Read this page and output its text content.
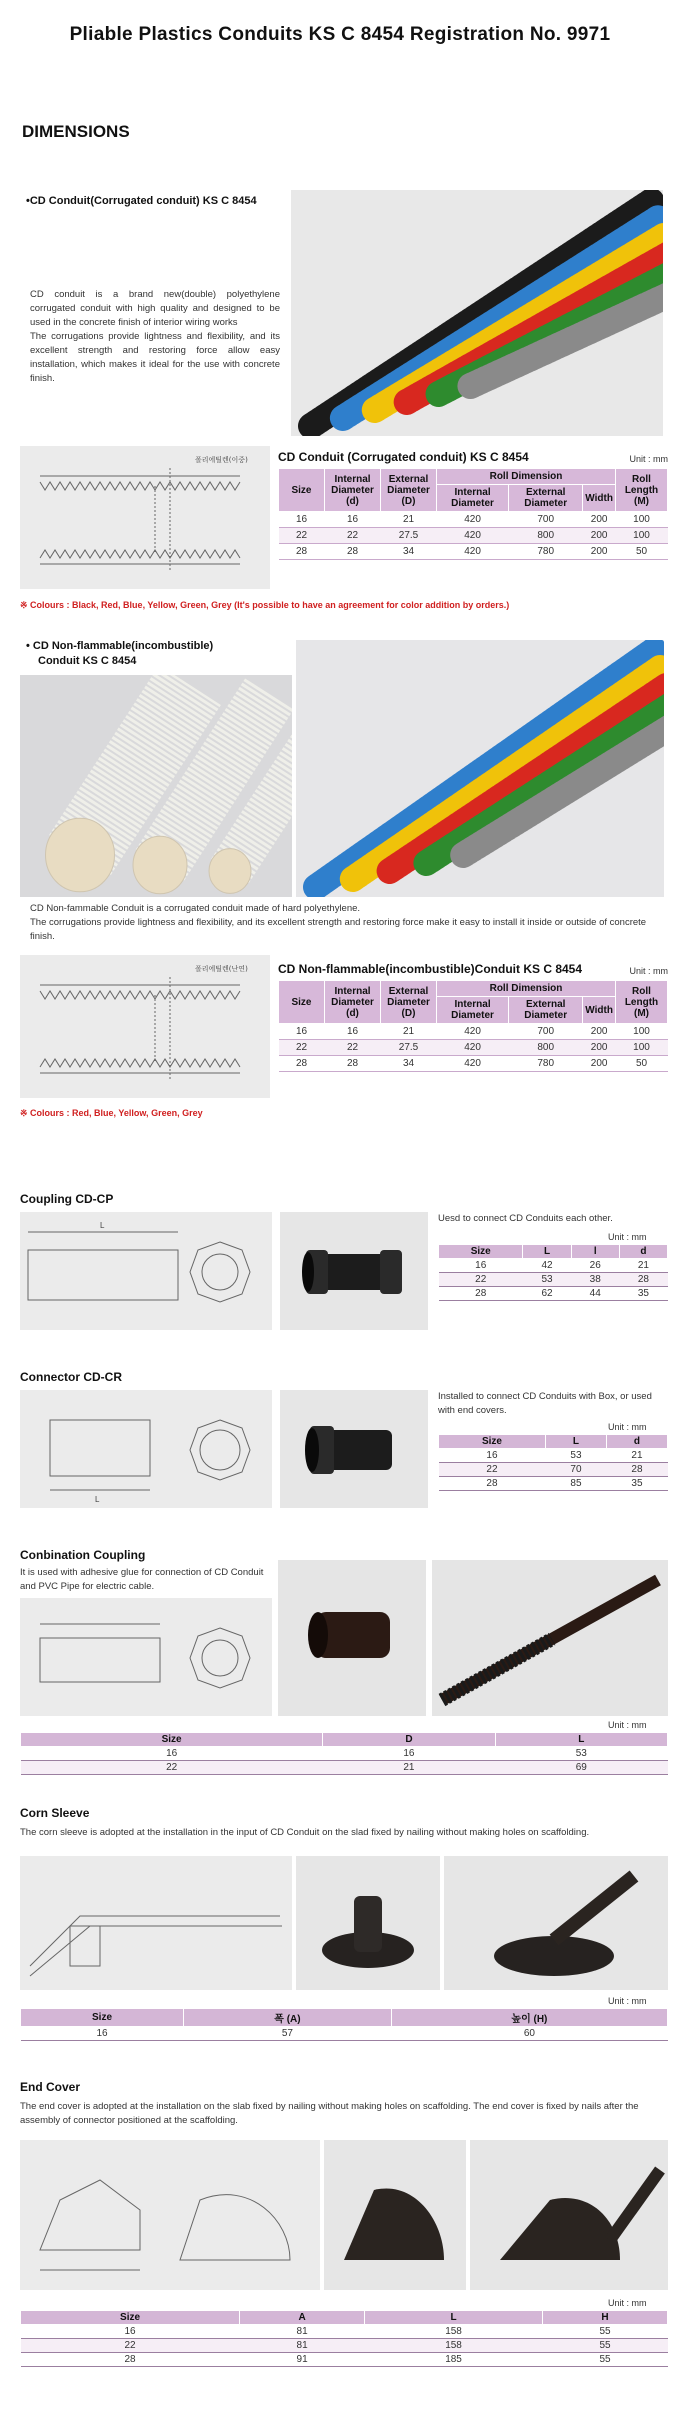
Pliable Plastics Conduits KS C 8454 Registration No. 9971
DIMENSIONS
•CD Conduit(Corrugated conduit) KS C 8454
CD conduit is a brand new(double) polyethylene corrugated conduit with high quality and designed to be used in the concrete finish of interior wiring works
The corrugations provide lightness and flexibility, and its excellent strength and restoring force allow easy installation, which makes it ideal for the use with concrete finish.
폴리에틸렌(이중)	CD Conduit (Corrugated conduit) KS C 8454	Unit : mm
Size	Internal Diameter (d)	External Diameter (D)	Roll Dimension			Roll Length (M)
			Internal Diameter	External Diameter	Width	
16	16	21	420	700	200	100
22	22	27.5	420	800	200	100
28	28	34	420	780	200	50
※ Colours : Black, Red, Blue, Yellow, Green, Grey (It's possible to have an agreement for color addition by orders.)
• CD Non-flammable(incombustible)
Conduit KS C 8454
CD Non-fammable Conduit is a corrugated conduit made of hard polyethylene.
The corrugations provide lightness and flexibility, and its excellent strength and restoring force make it easy to install it inside or outside of concrete finish.
폴리에틸렌(난연)	CD Non-flammable(incombustible)Conduit KS C 8454	Unit : mm
Size	Internal Diameter (d)	External Diameter (D)	Roll Dimension			Roll Length (M)
			Internal Diameter	External Diameter	Width	
16	16	21	420	700	200	100
22	22	27.5	420	800	200	100
28	28	34	420	780	200	50
※ Colours : Red, Blue, Yellow, Green, Grey
Coupling CD-CP
L
Uesd to connect CD Conduits each other.
Unit : mm
Size	L	l	d
16	42	26	21
22	53	38	28
28	62	44	35
Connector CD-CR
L
Installed to connect CD Conduits with Box, or used with end covers.
Unit : mm
Size	L	d
16	53	21
22	70	28
28	85	35
Conbination Coupling
It is used with adhesive glue for connection of CD Conduit and PVC Pipe for electric cable.
Unit : mm
Size	D	L
16	16	53
22	21	69
Corn Sleeve
The corn sleeve is adopted at the installation in the input of CD Conduit on the slad fixed by nailing without making holes on scaffolding.
Unit : mm
Size	폭 (A)	높이 (H)
16	57	60
End Cover
The end cover is adopted at the installation on the slab fixed by nailing without making holes on scaffolding. The end cover is fixed by nails after the assembly of connector positioned at the scaffolding.
Unit : mm
Size	A	L	H
16	81	158	55
22	81	158	55
28	91	185	55
